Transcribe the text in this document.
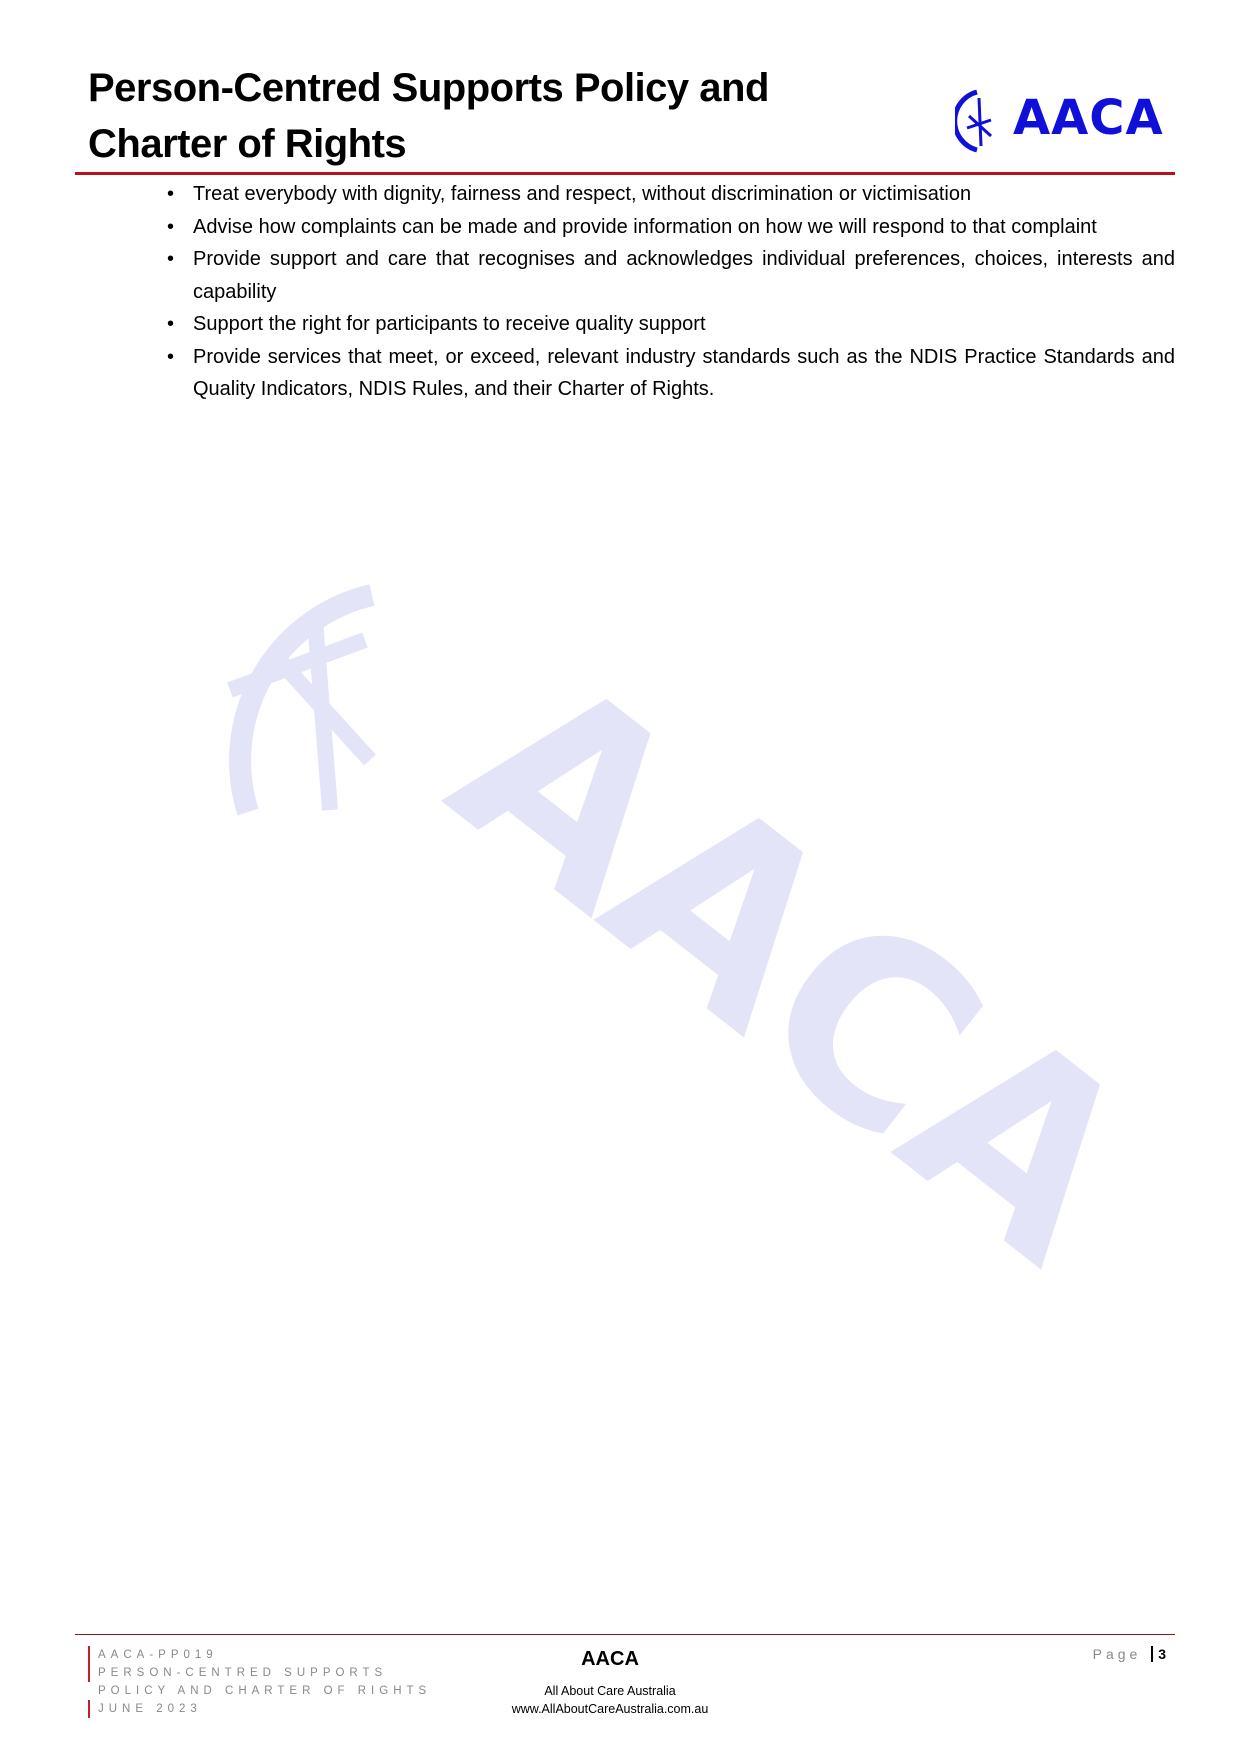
AACA
Person-Centred Supports Policy and
Charter of Rights	AACA
• Treat everybody with dignity, fairness and respect, without discrimination or victimisation
• Advise how complaints can be made and provide information on how we will respond to that complaint
• Provide support and care that recognises and acknowledges individual preferences, choices, interests and capability
• Support the right for participants to receive quality support
• Provide services that meet, or exceed, relevant industry standards such as the NDIS Practice Standards and Quality Indicators, NDIS Rules, and their Charter of Rights.
AACA-PP019
PERSON-CENTRED SUPPORTS
POLICY AND CHARTER OF RIGHTS
JUNE 2023
AACA
All About Care Australia
www.AllAboutCareAustralia.com.au
Page 3
